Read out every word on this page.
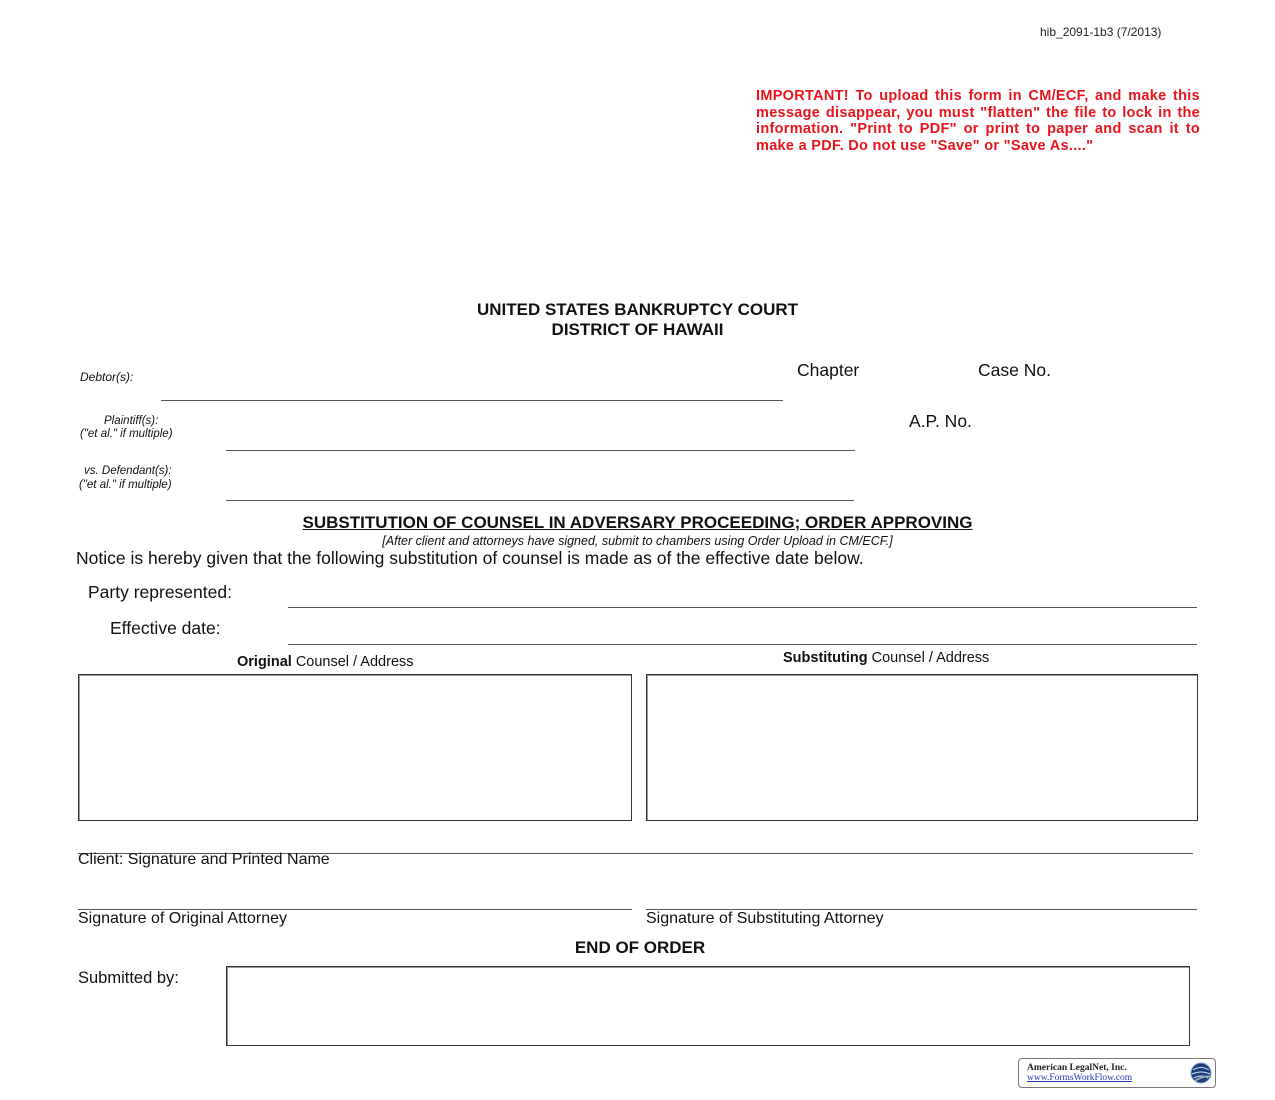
hib_2091-1b3 (7/2013)
IMPORTANT! To upload this form in CM/ECF, and make this message disappear, you must "flatten" the file to lock in the information. "Print to PDF" or print to paper and scan it to make a PDF. Do not use "Save" or "Save As...."
UNITED STATES BANKRUPTCY COURT
DISTRICT OF HAWAII
Debtor(s):
Plaintiff(s):
("et al." if multiple)
vs. Defendant(s):
("et al." if multiple)
Chapter	Case No.
A.P. No.
SUBSTITUTION OF COUNSEL IN ADVERSARY PROCEEDING; ORDER APPROVING
[After client and attorneys have signed, submit to chambers using Order Upload in CM/ECF.]
Notice is hereby given that the following substitution of counsel is made as of the effective date below.
Party represented:
Effective date:
Original Counsel / Address	Substituting Counsel / Address
Client: Signature and Printed Name
Signature of Original Attorney	Signature of Substituting Attorney
END OF ORDER
Submitted by:
American LegalNet, Inc.
www.FormsWorkFlow.com
